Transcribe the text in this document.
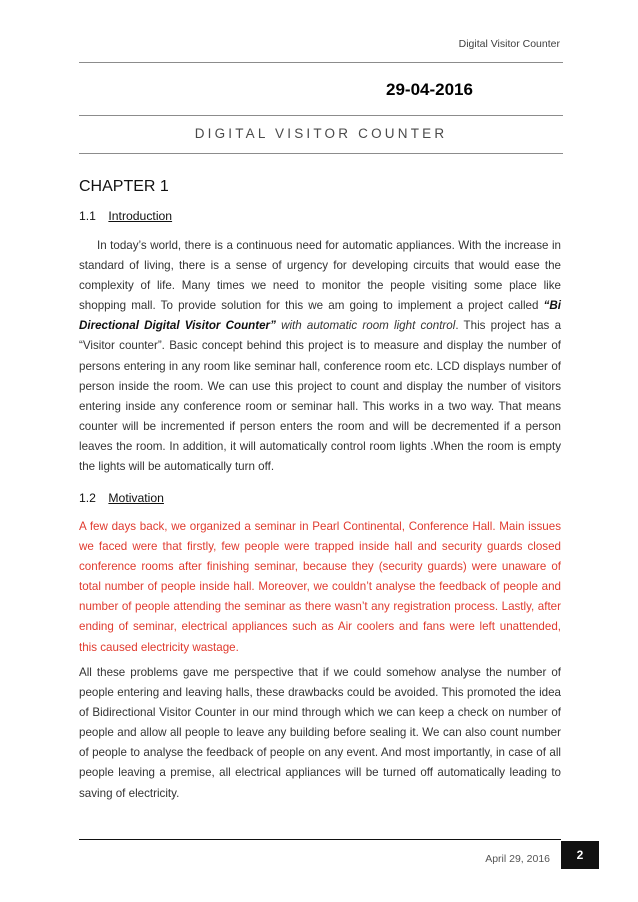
Digital Visitor Counter
29-04-2016
DIGITAL VISITOR COUNTER
CHAPTER 1
1.1 Introduction
In today’s world, there is a continuous need for automatic appliances. With the increase in standard of living, there is a sense of urgency for developing circuits that would ease the complexity of life. Many times we need to monitor the people visiting some place like shopping mall. To provide solution for this we am going to implement a project called “Bi Directional Digital Visitor Counter” with automatic room light control. This project has a “Visitor counter”. Basic concept behind this project is to measure and display the number of persons entering in any room like seminar hall, conference room etc. LCD displays number of person inside the room. We can use this project to count and display the number of visitors entering inside any conference room or seminar hall. This works in a two way. That means counter will be incremented if person enters the room and will be decremented if a person leaves the room. In addition, it will automatically control room lights .When the room is empty the lights will be automatically turn off.
1.2 Motivation
A few days back, we organized a seminar in Pearl Continental, Conference Hall. Main issues we faced were that firstly, few people were trapped inside hall and security guards closed conference rooms after finishing seminar, because they (security guards) were unaware of total number of people inside hall. Moreover, we couldn’t analyse the feedback of people and number of people attending the seminar as there wasn’t any registration process. Lastly, after ending of seminar, electrical appliances such as Air coolers and fans were left unattended, this caused electricity wastage.
All these problems gave me perspective that if we could somehow analyse the number of people entering and leaving halls, these drawbacks could be avoided. This promoted the idea of Bidirectional Visitor Counter in our mind through which we can keep a check on number of people and allow all people to leave any building before sealing it. We can also count number of people to analyse the feedback of people on any event. And most importantly, in case of all people leaving a premise, all electrical appliances will be turned off automatically leading to saving of electricity.
April 29, 2016	2
